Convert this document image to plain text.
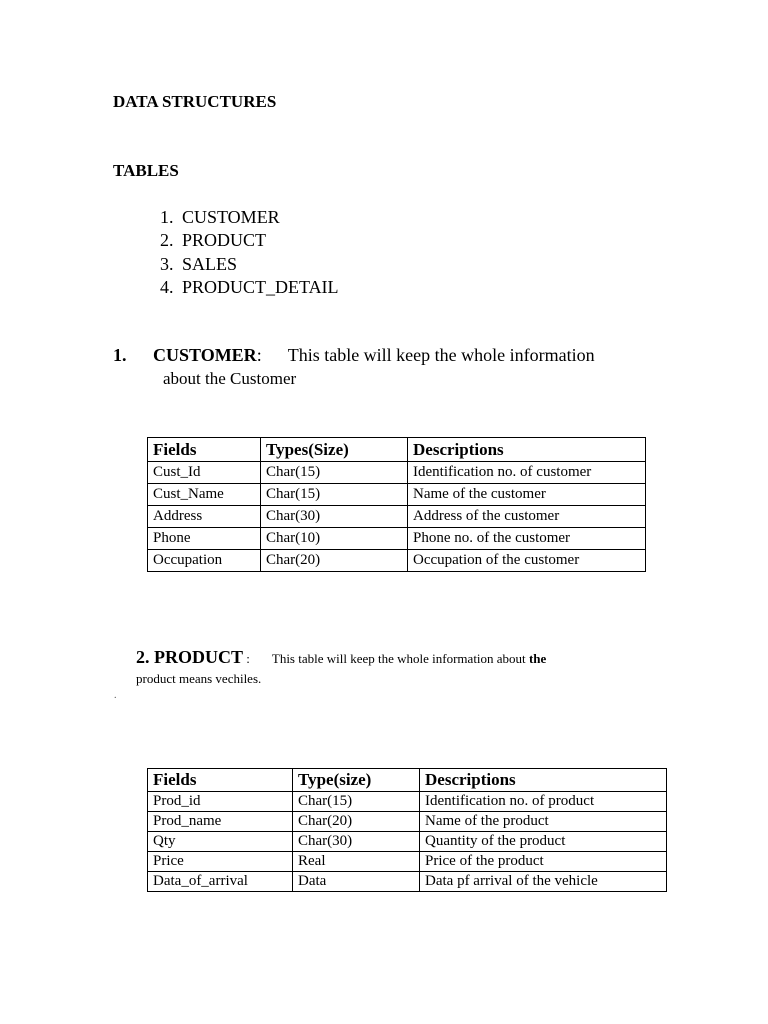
DATA STRUCTURES
TABLES
1. CUSTOMER
2. PRODUCT
3. SALES
4. PRODUCT_DETAIL
1. CUSTOMER: This table will keep the whole information
about the Customer
Fields	Types(Size)	Descriptions
Cust_Id	Char(15)	Identification no. of customer
Cust_Name	Char(15)	Name of the customer
Address	Char(30)	Address of the customer
Phone	Char(10)	Phone no. of the customer
Occupation	Char(20)	Occupation of the customer
2. PRODUCT : This table will keep the whole information about the
product means vechiles.
.
Fields	Type(size)	Descriptions
Prod_id	Char(15)	Identification no. of product
Prod_name	Char(20)	Name of the product
Qty	Char(30)	Quantity of the product
Price	Real	Price of the product
Data_of_arrival	Data	Data pf arrival of the vehicle
